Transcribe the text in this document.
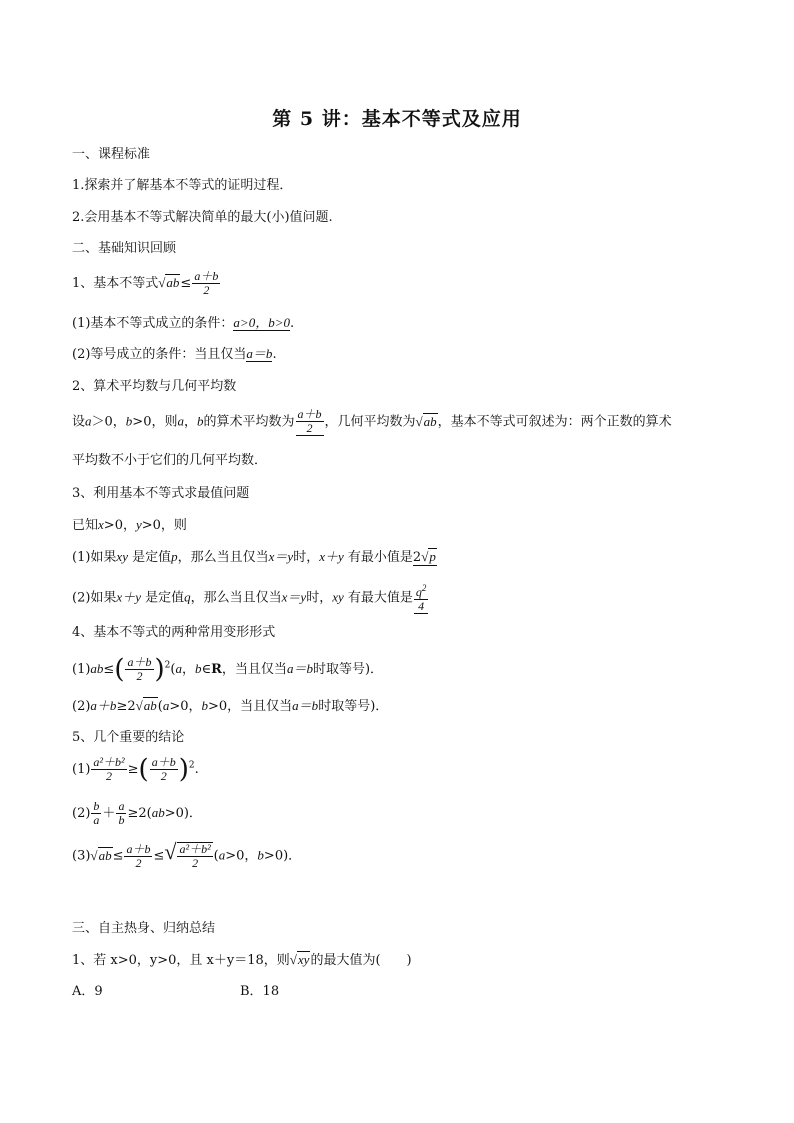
第 5 讲：基本不等式及应用
一、课程标准
1.探索并了解基本不等式的证明过程．
2.会用基本不等式解决简单的最大(小)值问题.
二、基础知识回顾
1、基本不等式$√ab\le \frac{a+b}{2}$
(1)基本不等式成立的条件：a>0，b>0.
(2)等号成立的条件：当且仅当a＝b.
2、算术平均数与几何平均数
设a＞0，b>0，则a，b的算术平均数为 $\frac{a+b}{2}$ ，几何平均数为√ab，基本不等式可叙述为：两个正数的算术
平均数不小于它们的几何平均数．
3、利用基本不等式求最值问题
已知x>0，y>0，则
(1)如果xy 是定值p，那么当且仅当x＝y时，x＋y 有最小值是2√p
(2)如果x＋y 是定值q，那么当且仅当x＝y时，xy 有最大值是 $\frac{q^2}{4}$
4、基本不等式的两种常用变形形式
$(1)ab\le( \frac{a+b}{2} )^2(a$，b∈R，当且仅当a＝b时取等号)．
(2)a＋b≥2√ab(a>0，b>0，当且仅当a＝b时取等号)．
5、几个重要的结论
$(1) \frac{\text{a²＋b²}}{2}$ ≥( $\frac{a+b}{2} )^2$.
$(2) \frac{b}{a} + \frac{a}{b} \ge 2(ab>0)$．
$(3)√ab\le \frac{a+b}{2}$ ≤√ $\frac{\text{a²＋b²}}{2} (a>0$，b>0)．
三、自主热身、归纳总结
1、若 x>0，y>0，且 x＋y＝18，则√xy的最大值为(　　)
A．9	B．18
